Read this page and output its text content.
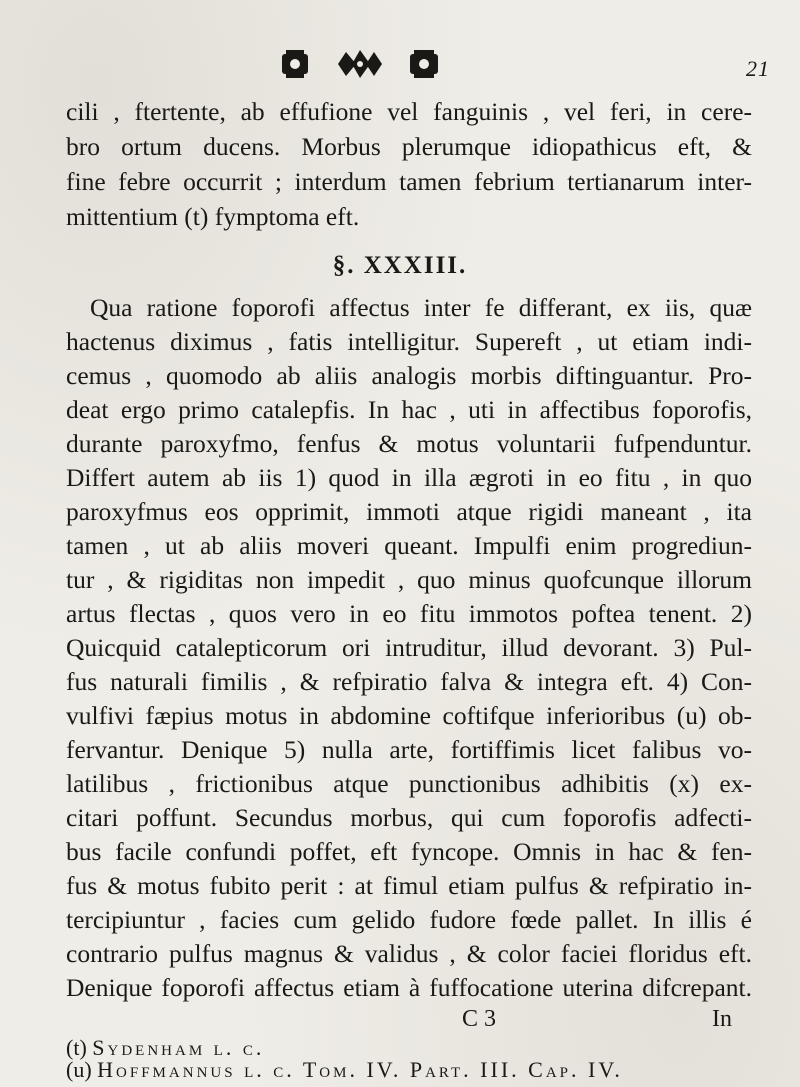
21
cili , ftertente, ab effufione vel fanguinis , vel feri, in cere-
bro ortum ducens. Morbus plerumque idiopathicus eft, &
fine febre occurrit ; interdum tamen febrium tertianarum inter-
mittentium (t) fymptoma eft.
§. XXXIII.
Qua ratione foporofi affectus inter fe differant, ex iis, quæ
hactenus diximus , fatis intelligitur. Supereft , ut etiam indi-
cemus , quomodo ab aliis analogis morbis diftinguantur. Pro-
deat ergo primo catalepfis. In hac , uti in affectibus foporofis,
durante paroxyfmo, fenfus & motus voluntarii fufpenduntur.
Differt autem ab iis 1) quod in illa ægroti in eo fitu , in quo
paroxyfmus eos opprimit, immoti atque rigidi maneant , ita
tamen , ut ab aliis moveri queant. Impulfi enim progrediun-
tur , & rigiditas non impedit , quo minus quofcunque illorum
artus flectas , quos vero in eo fitu immotos poftea tenent. 2)
Quicquid catalepticorum ori intruditur, illud devorant. 3) Pul-
fus naturali fimilis , & refpiratio falva & integra eft. 4) Con-
vulfivi fæpius motus in abdomine coftifque inferioribus (u) ob-
fervantur. Denique 5) nulla arte, fortiffimis licet falibus vo-
latilibus , frictionibus atque punctionibus adhibitis (x) ex-
citari poffunt. Secundus morbus, qui cum foporofis adfecti-
bus facile confundi poffet, eft fyncope. Omnis in hac & fen-
fus & motus fubito perit : at fimul etiam pulfus & refpiratio in-
tercipiuntur , facies cum gelido fudore fœde pallet. In illis é
contrario pulfus magnus & validus , & color faciei floridus eft.
Denique foporofi affectus etiam à fuffocatione uterina difcrepant.
C 3	In
(t) Sydenham l. c.
(u) Hoffmannus l. c. Tom. IV. Part. III. Cap. IV.
